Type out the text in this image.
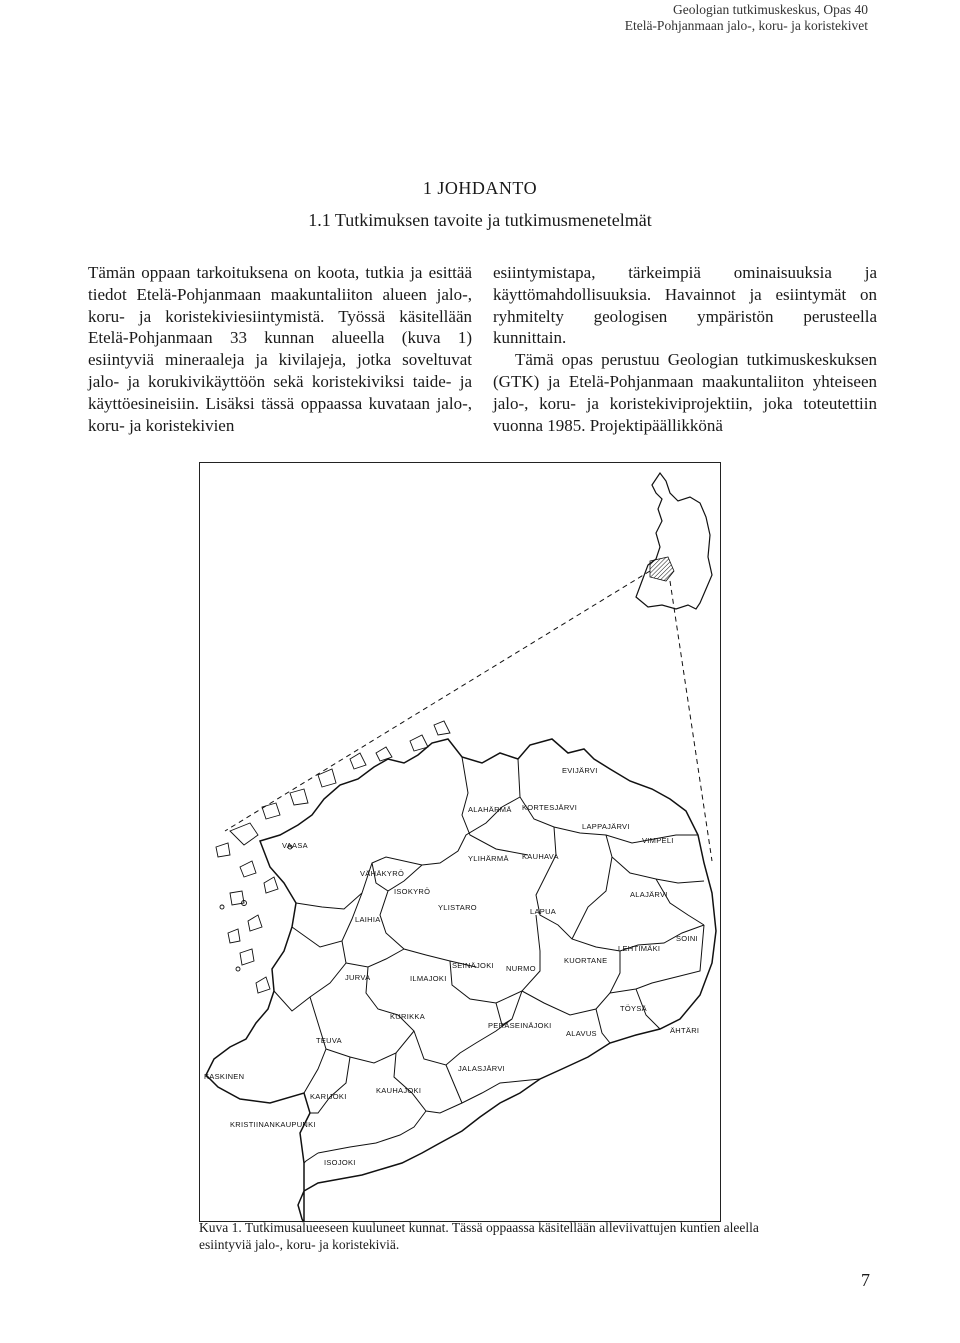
Geologian tutkimuskeskus, Opas 40
Etelä-Pohjanmaan jalo-, koru- ja koristekivet
1 JOHDANTO
1.1 Tutkimuksen tavoite ja tutkimusmenetelmät

Tämän oppaan tarkoituksena on koota, tutkia ja esittää tiedot Etelä-Pohjanmaan maakuntaliiton alueen jalo-, koru- ja koristekiviesiintymistä. Työssä käsitellään Etelä-Pohjanmaan 33 kunnan alueella (kuva 1) esiintyviä mineraaleja ja kivilajeja, jotka soveltuvat jalo- ja korukivikäyttöön sekä koristekiviksi taide- ja käyttöesineisiin. Lisäksi tässä oppaassa kuvataan jalo-, koru- ja koristekivien

esiintymistapa, tärkeimpiä ominaisuuksia ja käyttömahdollisuuksia. Havainnot ja esiintymät on ryhmitelty geologisen ympäristön perusteella kunnittain.

Tämä opas perustuu Geologian tutkimuskeskuksen (GTK) ja Etelä-Pohjanmaan maakuntaliiton yhteiseen jalo-, koru- ja koristekiviprojektiin, joka toteutettiin vuonna 1985. Projektipäällikkönä

EVIJÄRVI
ALAHÄRMÄ KORTESJÄRVI
LAPPAJÄRVI
VIMPELI
VAASA
YLIHÄRMÄ KAUHAVA
VÄHÄKYRÖ
ISOKYRÖ	ALAJÄRVI
YLISTARO
LAIHIA
LAPUA
SOINI
LEHTIMÄKI
SEINÄJOKI NURMO
KUORTANE
JURVA	ILMAJOKI
TÖYSÄ
KURIKKA
PERÄSEINÄJOKI
ALAVUS	ÄHTÄRI
TEUVA
JALASJÄRVI
KASKINEN
KARIJOKI
KAUHAJOKI
KRISTIINANKAUPUNKI
ISOJOKI
Kuva 1. Tutkimusalueeseen kuuluneet kunnat. Tässä oppaassa käsitellään alleviivattujen kuntien aleella esiintyviä jalo-, koru- ja koristekiviä.
7
